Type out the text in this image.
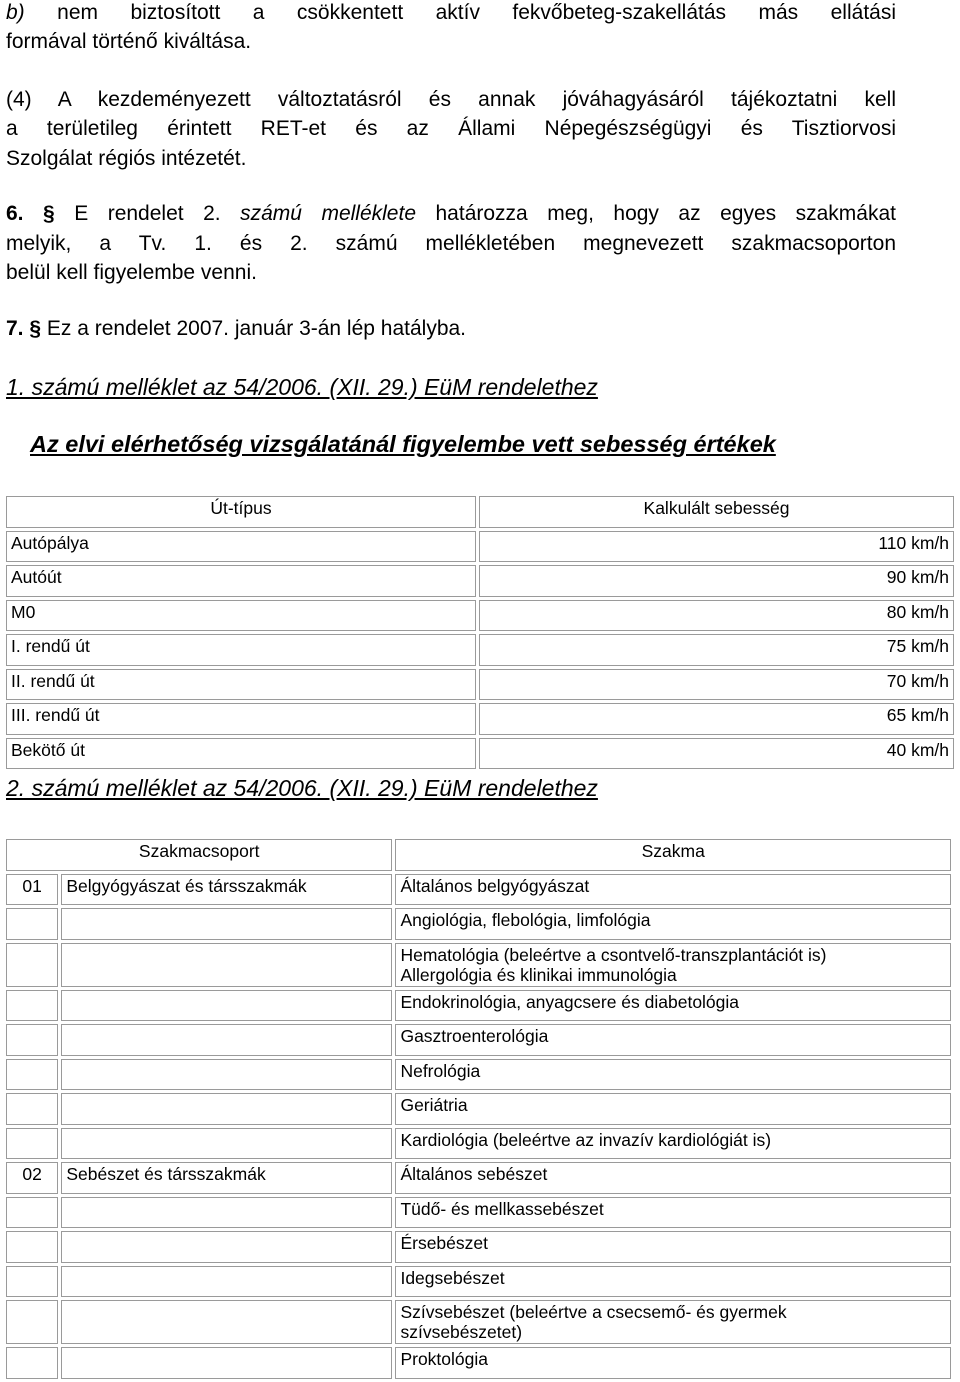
b) nem biztosított a csökkentett aktív fekvőbeteg-szakellátás más ellátási

formával történő kiváltása.

(4) A kezdeményezett változtatásról és annak jóváhagyásáról tájékoztatni kell

a területileg érintett RET-et és az Állami Népegészségügyi és Tisztiorvosi

Szolgálat régiós intézetét.

6. § E rendelet 2. számú melléklete határozza meg, hogy az egyes szakmákat

melyik, a Tv. 1. és 2. számú mellékletében megnevezett szakmacsoporton

belül kell figyelembe venni.

7. § Ez a rendelet 2007. január 3-án lép hatályba.

1. számú melléklet az 54/2006. (XII. 29.) EüM rendelethez
Az elvi elérhetőség vizsgálatánál figyelembe vett sebesség értékek
Út-típus	Kalkulált sebesség
Autópálya	110 km/h
Autóút	90 km/h
M0	80 km/h
I. rendű út	75 km/h
II. rendű út	70 km/h
III. rendű út	65 km/h
Bekötő út	40 km/h
2. számú melléklet az 54/2006. (XII. 29.) EüM rendelethez
Szakmacsoport		Szakma
01	Belgyógyászat és társszakmák	Általános belgyógyászat
		Angiológia, flebológia, limfológia
		Hematológia (beleértve a csontvelő-transzplantációt is)
Allergológia és klinikai immunológia
		Endokrinológia, anyagcsere és diabetológia
		Gasztroenterológia
		Nefrológia
		Geriátria
		Kardiológia (beleértve az invazív kardiológiát is)
02	Sebészet és társszakmák	Általános sebészet
		Tüdő- és mellkassebészet
		Érsebészet
		Idegsebészet
		Szívsebészet (beleértve a csecsemő- és gyermek
szívsebészetet)
		Proktológia
